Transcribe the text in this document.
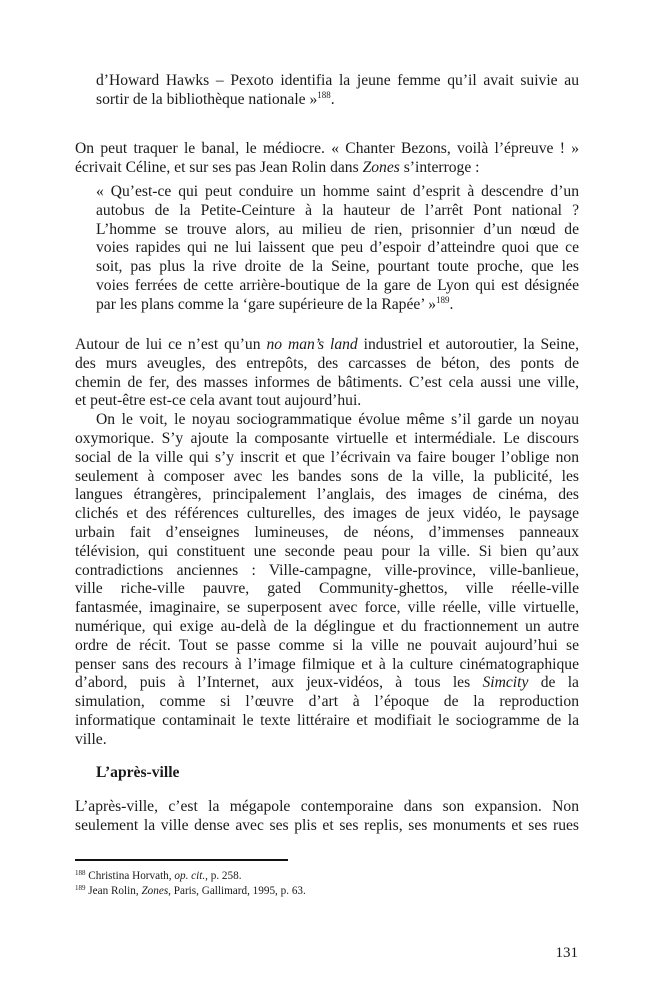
d’Howard Hawks – Pexoto identifia la jeune femme qu’il avait suivie au
sortir de la bibliothèque nationale »$^{188}$.
On peut traquer le banal, le médiocre. « Chanter Bezons, voilà l’épreuve ! »
écrivait Céline, et sur ses pas Jean Rolin dans Zones s’interroge :
« Qu’est-ce qui peut conduire un homme saint d’esprit à descendre d’un
autobus de la Petite-Ceinture à la hauteur de l’arrêt Pont national ?
L’homme se trouve alors, au milieu de rien, prisonnier d’un nœud de
voies rapides qui ne lui laissent que peu d’espoir d’atteindre quoi que ce
soit, pas plus la rive droite de la Seine, pourtant toute proche, que les
voies ferrées de cette arrière-boutique de la gare de Lyon qui est désignée
par les plans comme la ‘gare supérieure de la Rapée’ »$^{189}$.
Autour de lui ce n’est qu’un no man’s land industriel et autoroutier, la Seine,
des murs aveugles, des entrepôts, des carcasses de béton, des ponts de
chemin de fer, des masses informes de bâtiments. C’est cela aussi une ville,
et peut-être est-ce cela avant tout aujourd’hui.
On le voit, le noyau sociogrammatique évolue même s’il garde un noyau
oxymorique. S’y ajoute la composante virtuelle et intermédiale. Le discours
social de la ville qui s’y inscrit et que l’écrivain va faire bouger l’oblige non
seulement à composer avec les bandes sons de la ville, la publicité, les
langues étrangères, principalement l’anglais, des images de cinéma, des
clichés et des références culturelles, des images de jeux vidéo, le paysage
urbain fait d’enseignes lumineuses, de néons, d’immenses panneaux
télévision, qui constituent une seconde peau pour la ville. Si bien qu’aux
contradictions anciennes : Ville-campagne, ville-province, ville-banlieue,
ville riche-ville pauvre, gated Community-ghettos, ville réelle-ville
fantasmée, imaginaire, se superposent avec force, ville réelle, ville virtuelle,
numérique, qui exige au-delà de la déglingue et du fractionnement un autre
ordre de récit. Tout se passe comme si la ville ne pouvait aujourd’hui se
penser sans des recours à l’image filmique et à la culture cinématographique
d’abord, puis à l’Internet, aux jeux-vidéos, à tous les Simcity de la
simulation, comme si l’œuvre d’art à l’époque de la reproduction
informatique contaminait le texte littéraire et modifiait le sociogramme de la
ville.
L’après-ville
L’après-ville, c’est la mégapole contemporaine dans son expansion. Non
seulement la ville dense avec ses plis et ses replis, ses monuments et ses rues
$^{188}$ Christina Horvath, op. cit., p. 258.
$^{189}$ Jean Rolin, Zones, Paris, Gallimard, 1995, p. 63.
131
